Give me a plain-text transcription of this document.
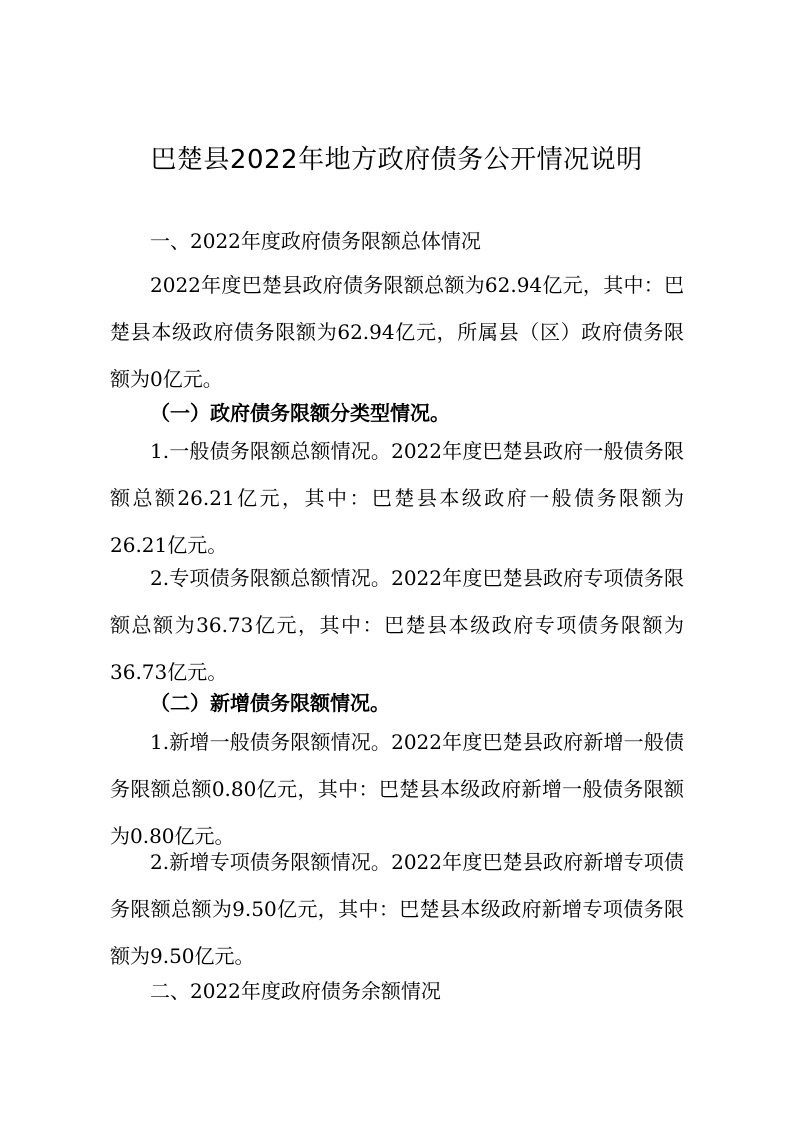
巴楚县2022年地方政府债务公开情况说明
一、2022年度政府债务限额总体情况
2022年度巴楚县政府债务限额总额为62.94亿元，其中：巴楚县本级政府债务限额为62.94亿元，所属县（区）政府债务限额为0亿元。
（一）政府债务限额分类型情况。
1.一般债务限额总额情况。2022年度巴楚县政府一般债务限额总额26.21亿元，其中：巴楚县本级政府一般债务限额为26.21亿元。
2.专项债务限额总额情况。2022年度巴楚县政府专项债务限额总额为36.73亿元，其中：巴楚县本级政府专项债务限额为36.73亿元。
（二）新增债务限额情况。
1.新增一般债务限额情况。2022年度巴楚县政府新增一般债务限额总额0.80亿元，其中：巴楚县本级政府新增一般债务限额为0.80亿元。
2.新增专项债务限额情况。2022年度巴楚县政府新增专项债务限额总额为9.50亿元，其中：巴楚县本级政府新增专项债务限额为9.50亿元。
二、2022年度政府债务余额情况
